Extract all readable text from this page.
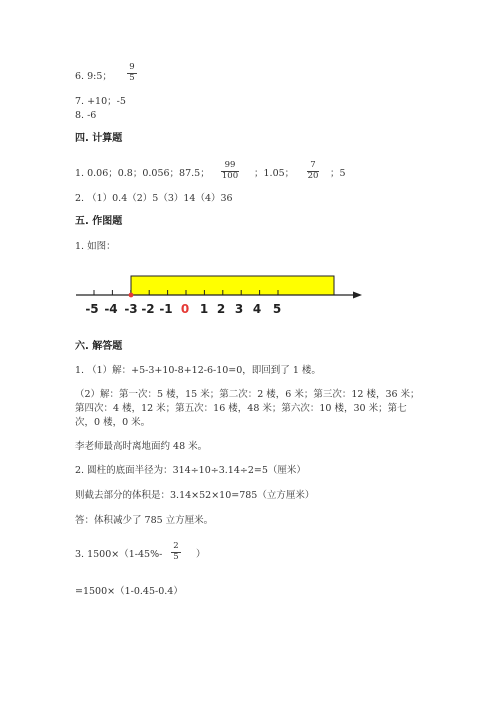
6. 9:5； $\frac{9}{5}$
7. +10；-5
8. -6
四. 计算题
1. 0.06；0.8；0.056；87.5； $\frac{99}{100}$ ；1.05； $\frac{7}{20}$ ；5
2. （1）0.4（2）5（3）14（4）36
五. 作图题
1. 如图：
-5 -4 -3 -2 -1 0 1 2 3 4 5
六. 解答题
1. （1）解：+5-3+10-8+12-6-10=0，即回到了 1 楼。
（2）解：第一次：5 楼，15 米；第二次：2 楼，6 米；第三次：12 楼，36 米；
第四次：4 楼，12 米；第五次：16 楼，48 米；第六次：10 楼，30 米；第七
次，0 楼，0 米。
李老师最高时离地面约 48 米。
2. 圆柱的底面半径为：314÷10÷3.14÷2=5（厘米）
则截去部分的体积是：3.14×52×10=785（立方厘米）
答：体积减少了 785 立方厘米。
3. $1500\times(1-45\%- \frac{2}{5}$ ）
=1500×（1-0.45-0.4）
